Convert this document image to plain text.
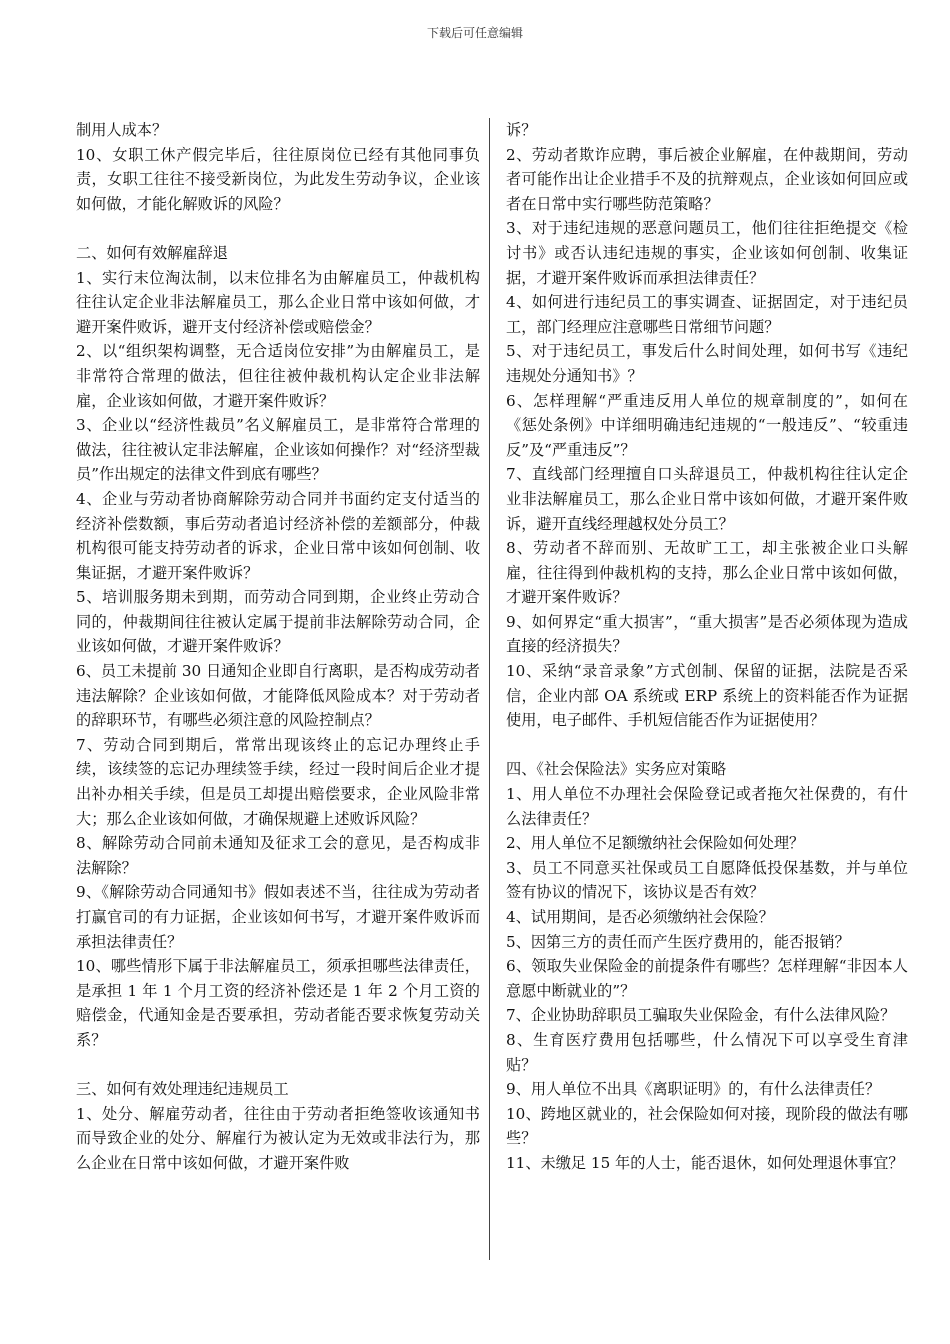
下载后可任意编辑

制用人成本？

10、女职工休产假完毕后，往往原岗位已经有其他同事负责，女职工往往不接受新岗位，为此发生劳动争议，企业该如何做，才能化解败诉的风险？

二、如何有效解雇辞退

1、实行末位淘汰制，以末位排名为由解雇员工，仲裁机构往往认定企业非法解雇员工，那么企业日常中该如何做，才避开案件败诉，避开支付经济补偿或赔偿金？

2、以“组织架构调整，无合适岗位安排”为由解雇员工，是非常符合常理的做法，但往往被仲裁机构认定企业非法解雇，企业该如何做，才避开案件败诉？

3、企业以“经济性裁员”名义解雇员工，是非常符合常理的做法，往往被认定非法解雇，企业该如何操作？对“经济型裁员”作出规定的法律文件到底有哪些？

4、企业与劳动者协商解除劳动合同并书面约定支付适当的经济补偿数额，事后劳动者追讨经济补偿的差额部分，仲裁机构很可能支持劳动者的诉求，企业日常中该如何创制、收集证据，才避开案件败诉？

5、培训服务期未到期，而劳动合同到期，企业终止劳动合同的，仲裁期间往往被认定属于提前非法解除劳动合同，企业该如何做，才避开案件败诉？

6、员工未提前 30 日通知企业即自行离职，是否构成劳动者违法解除？企业该如何做，才能降低风险成本？对于劳动者的辞职环节，有哪些必须注意的风险控制点？

7、劳动合同到期后，常常出现该终止的忘记办理终止手续，该续签的忘记办理续签手续，经过一段时间后企业才提出补办相关手续，但是员工却提出赔偿要求，企业风险非常大；那么企业该如何做，才确保规避上述败诉风险？

8、解除劳动合同前未通知及征求工会的意见，是否构成非法解除？

9、《解除劳动合同通知书》假如表述不当，往往成为劳动者打赢官司的有力证据，企业该如何书写，才避开案件败诉而承担法律责任？

10、哪些情形下属于非法解雇员工，须承担哪些法律责任，是承担 1 年 1 个月工资的经济补偿还是 1 年 2 个月工资的赔偿金，代通知金是否要承担，劳动者能否要求恢复劳动关系？

三、如何有效处理违纪违规员工

1、处分、解雇劳动者，往往由于劳动者拒绝签收该通知书而导致企业的处分、解雇行为被认定为无效或非法行为，那么企业在日常中该如何做，才避开案件败

诉？

2、劳动者欺诈应聘，事后被企业解雇，在仲裁期间，劳动者可能作出让企业措手不及的抗辩观点，企业该如何回应或者在日常中实行哪些防范策略？

3、对于违纪违规的恶意问题员工，他们往往拒绝提交《检讨书》或否认违纪违规的事实，企业该如何创制、收集证据，才避开案件败诉而承担法律责任？

4、如何进行违纪员工的事实调查、证据固定，对于违纪员工，部门经理应注意哪些日常细节问题？

5、对于违纪员工，事发后什么时间处理，如何书写《违纪违规处分通知书》？

6、怎样理解“严重违反用人单位的规章制度的”，如何在《惩处条例》中详细明确违纪违规的“一般违反”、“较重违反”及“严重违反”？

7、直线部门经理擅自口头辞退员工，仲裁机构往往认定企业非法解雇员工，那么企业日常中该如何做，才避开案件败诉，避开直线经理越权处分员工？

8、劳动者不辞而别、无故旷工工，却主张被企业口头解雇，往往得到仲裁机构的支持，那么企业日常中该如何做，才避开案件败诉？

9、如何界定“重大损害”，“重大损害”是否必须体现为造成直接的经济损失？

10、采纳“录音录象”方式创制、保留的证据，法院是否采信，企业内部 OA 系统或 ERP 系统上的资料能否作为证据使用，电子邮件、手机短信能否作为证据使用？

四、《社会保险法》实务应对策略

1、用人单位不办理社会保险登记或者拖欠社保费的，有什么法律责任？

2、用人单位不足额缴纳社会保险如何处理？

3、员工不同意买社保或员工自愿降低投保基数，并与单位签有协议的情况下，该协议是否有效？

4、试用期间，是否必须缴纳社会保险？

5、因第三方的责任而产生医疗费用的，能否报销？

6、领取失业保险金的前提条件有哪些？怎样理解“非因本人意愿中断就业的”？

7、企业协助辞职员工骗取失业保险金，有什么法律风险？

8、生育医疗费用包括哪些，什么情况下可以享受生育津贴？

9、用人单位不出具《离职证明》的，有什么法律责任？

10、跨地区就业的，社会保险如何对接，现阶段的做法有哪些？

11、未缴足 15 年的人士，能否退休，如何处理退休事宜？
